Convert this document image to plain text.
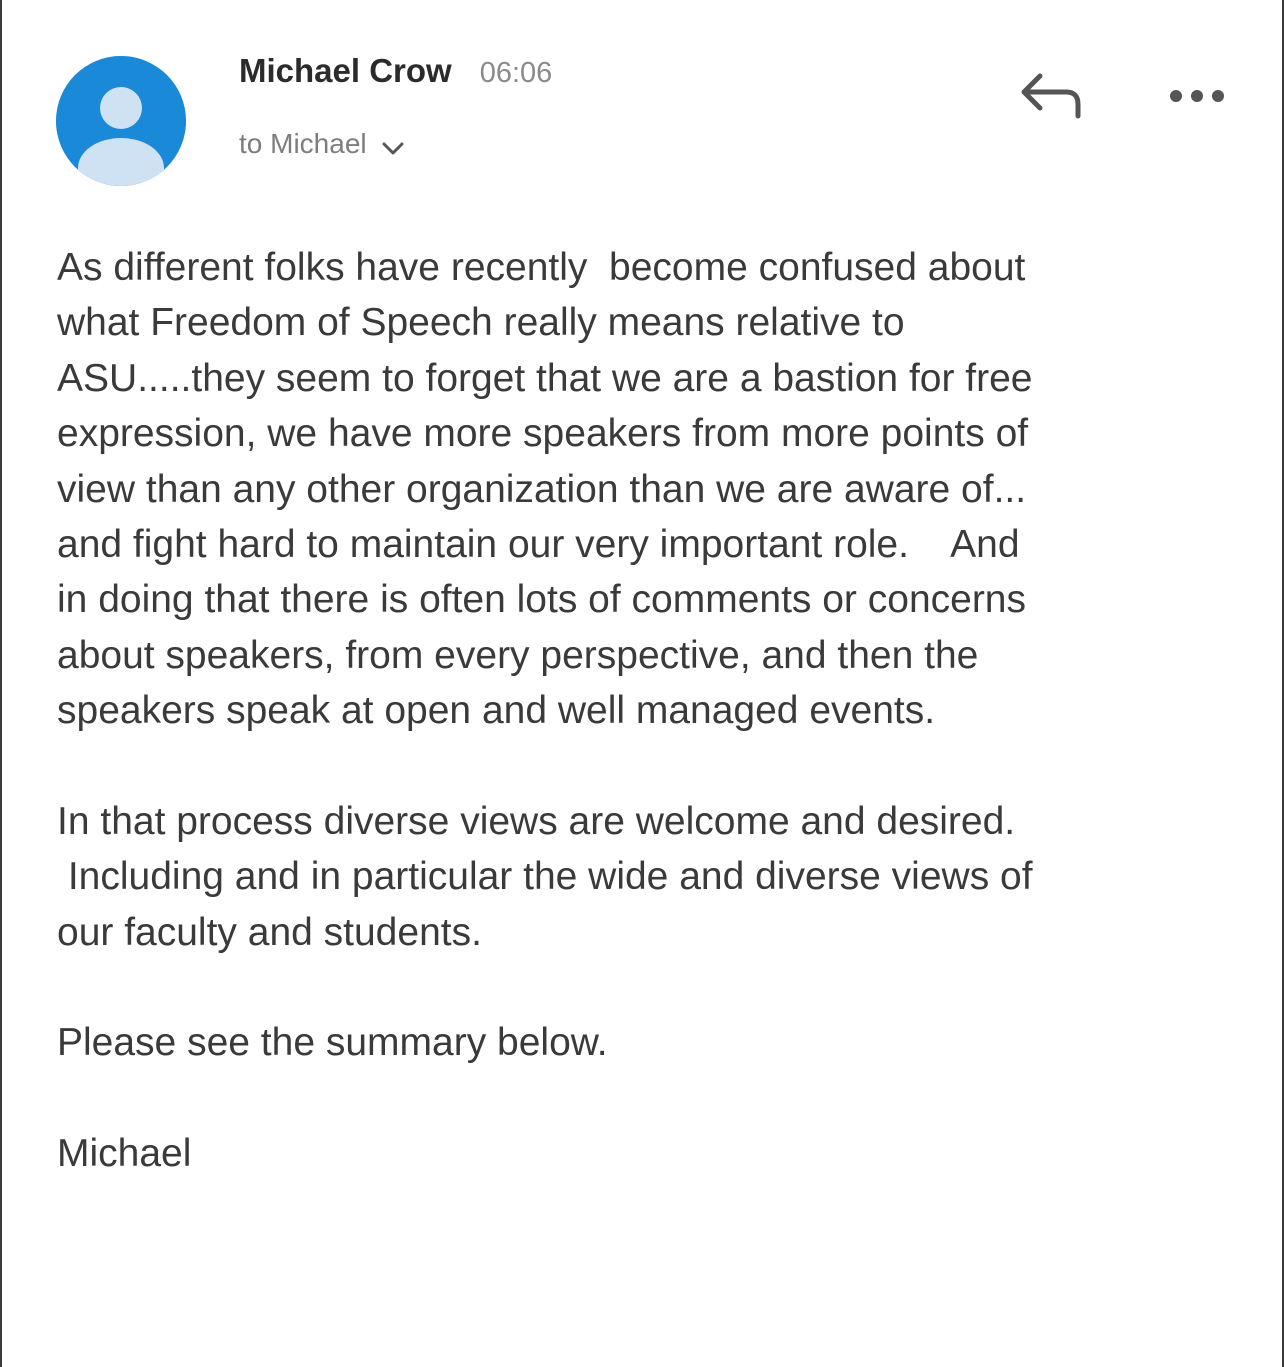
Michael Crow 06:06
to Michael
As different folks have recently  become confused about
what Freedom of Speech really means relative to
ASU.....they seem to forget that we are a bastion for free
expression, we have more speakers from more points of
view than any other organization than we are aware of...
and fight hard to maintain our very important role.    And
in doing that there is often lots of comments or concerns
about speakers, from every perspective, and then the
speakers speak at open and well managed events.
In that process diverse views are welcome and desired.
Including and in particular the wide and diverse views of
our faculty and students.
Please see the summary below.
Michael
